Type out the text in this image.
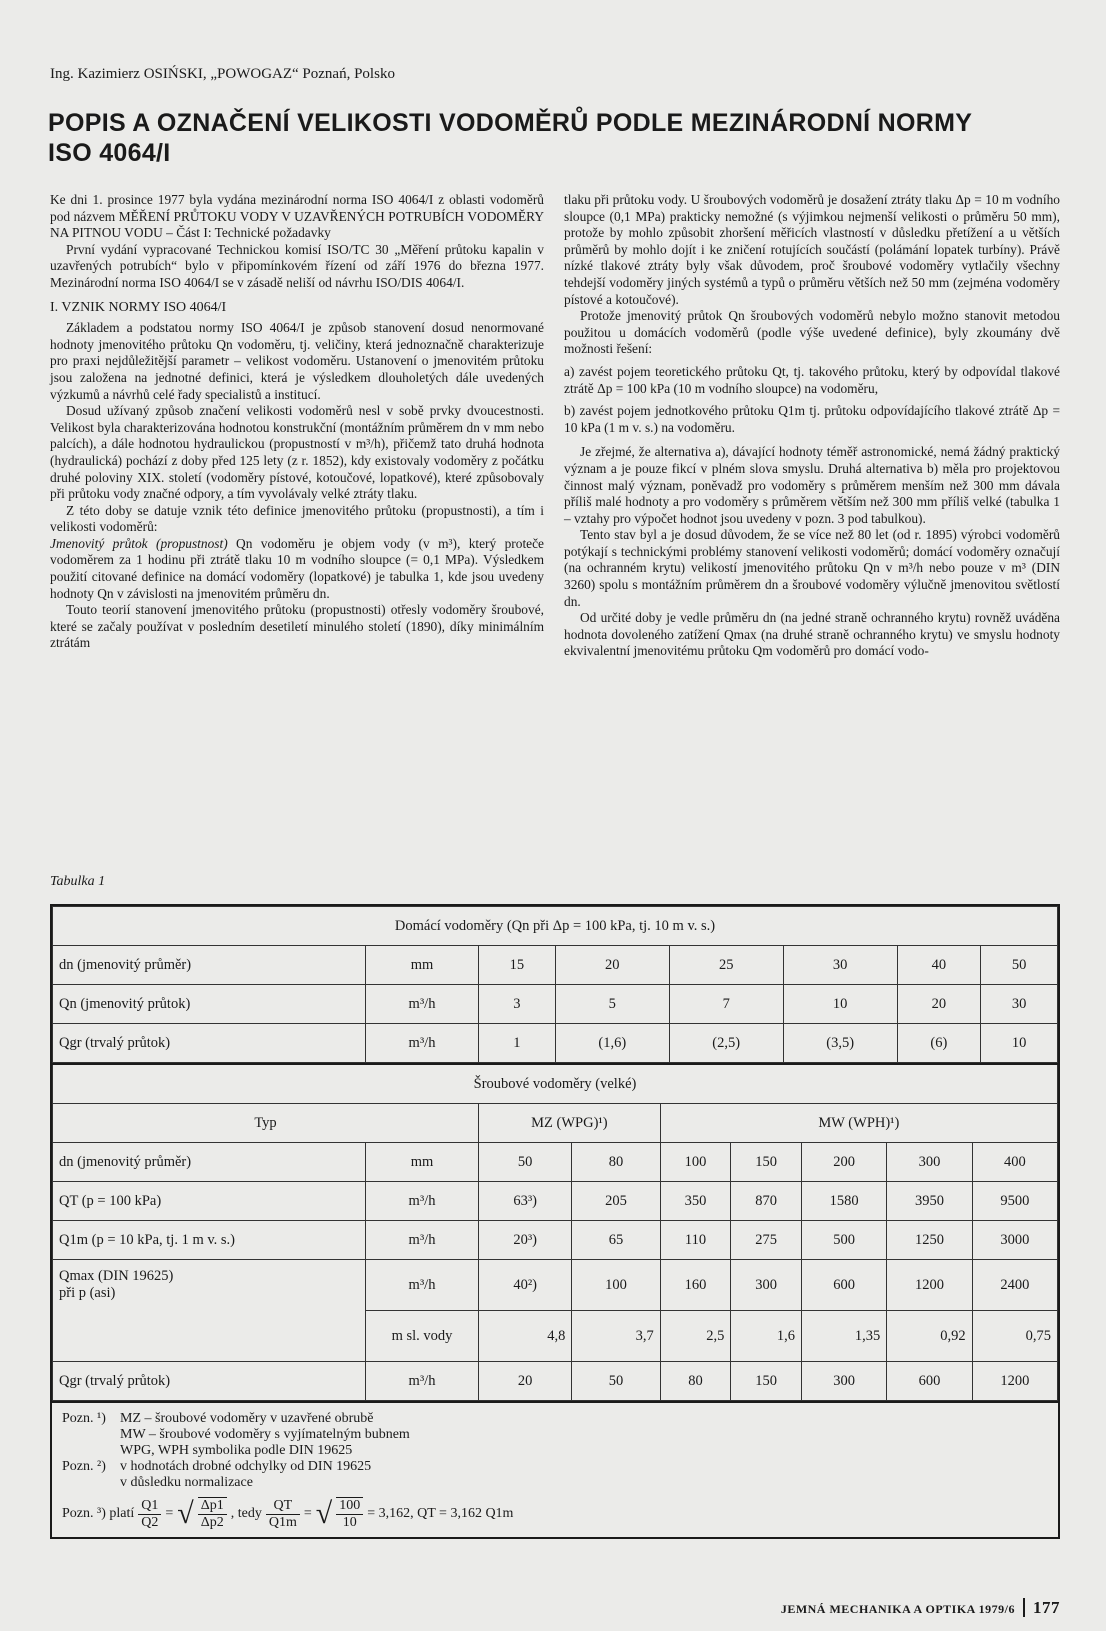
Ing. Kazimierz OSIŃSKI, „POWOGAZ“ Poznań, Polsko
POPIS A OZNAČENÍ VELIKOSTI VODOMĚRŮ PODLE MEZINÁRODNÍ NORMY ISO 4064/I

Ke dni 1. prosince 1977 byla vydána mezinárodní norma ISO 4064/I z oblasti vodoměrů pod názvem MĚŘENÍ PRŮTOKU VODY V UZAVŘENÝCH POTRUBÍCH VODOMĚRY NA PITNOU VODU – Část I: Technické požadavky

První vydání vypracované Technickou komisí ISO/TC 30 „Měření průtoku kapalin v uzavřených potrubích“ bylo v připomínkovém řízení od září 1976 do března 1977. Mezinárodní norma ISO 4064/I se v zásadě neliší od návrhu ISO/DIS 4064/I.

I. VZNIK NORMY ISO 4064/I

Základem a podstatou normy ISO 4064/I je způsob stanovení dosud nenormované hodnoty jmenovitého průtoku Qn vodoměru, tj. veličiny, která jednoznačně charakterizuje pro praxi nejdůležitější parametr – velikost vodoměru. Ustanovení o jmenovitém průtoku jsou založena na jednotné definici, která je výsledkem dlouholetých dále uvedených výzkumů a návrhů celé řady specialistů a institucí.

Dosud užívaný způsob značení velikosti vodoměrů nesl v sobě prvky dvoucestnosti. Velikost byla charakterizována hodnotou konstrukční (montážním průměrem dn v mm nebo palcích), a dále hodnotou hydraulickou (propustností v m³/h), přičemž tato druhá hodnota (hydraulická) pochází z doby před 125 lety (z r. 1852), kdy existovaly vodoměry z počátku druhé poloviny XIX. století (vodoměry pístové, kotoučové, lopatkové), které způsobovaly při průtoku vody značné odpory, a tím vyvolávaly velké ztráty tlaku.

Z této doby se datuje vznik této definice jmenovitého průtoku (propustnosti), a tím i velikosti vodoměrů:

Jmenovitý průtok (propustnost) Qn vodoměru je objem vody (v m³), který proteče vodoměrem za 1 hodinu při ztrátě tlaku 10 m vodního sloupce (= 0,1 MPa). Výsledkem použití citované definice na domácí vodoměry (lopatkové) je tabulka 1, kde jsou uvedeny hodnoty Qn v závislosti na jmenovitém průměru dn.

Touto teorií stanovení jmenovitého průtoku (propustnosti) otřesly vodoměry šroubové, které se začaly používat v posledním desetiletí minulého století (1890), díky minimálním ztrátám

tlaku při průtoku vody. U šroubových vodoměrů je dosažení ztráty tlaku Δp = 10 m vodního sloupce (0,1 MPa) prakticky nemožné (s výjimkou nejmenší velikosti o průměru 50 mm), protože by mohlo způsobit zhoršení měřicích vlastností v důsledku přetížení a u větších průměrů by mohlo dojít i ke zničení rotujících součástí (polámání lopatek turbíny). Právě nízké tlakové ztráty byly však důvodem, proč šroubové vodoměry vytlačily všechny tehdejší vodoměry jiných systémů a typů o průměru větších než 50 mm (zejména vodoměry pístové a kotoučové).

Protože jmenovitý průtok Qn šroubových vodoměrů nebylo možno stanovit metodou použitou u domácích vodoměrů (podle výše uvedené definice), byly zkoumány dvě možnosti řešení:

a) zavést pojem teoretického průtoku Qt, tj. takového průtoku, který by odpovídal tlakové ztrátě Δp = 100 kPa (10 m vodního sloupce) na vodoměru,

b) zavést pojem jednotkového průtoku Q1m tj. průtoku odpovídajícího tlakové ztrátě Δp = 10 kPa (1 m v. s.) na vodoměru.

Je zřejmé, že alternativa a), dávající hodnoty téměř astronomické, nemá žádný praktický význam a je pouze fikcí v plném slova smyslu. Druhá alternativa b) měla pro projektovou činnost malý význam, poněvadž pro vodoměry s průměrem menším než 300 mm dávala příliš malé hodnoty a pro vodoměry s průměrem větším než 300 mm příliš velké (tabulka 1 – vztahy pro výpočet hodnot jsou uvedeny v pozn. 3 pod tabulkou).

Tento stav byl a je dosud důvodem, že se více než 80 let (od r. 1895) výrobci vodoměrů potýkají s technickými problémy stanovení velikosti vodoměrů; domácí vodoměry označují (na ochranném krytu) velikostí jmenovitého průtoku Qn v m³/h nebo pouze v m³ (DIN 3260) spolu s montážním průměrem dn a šroubové vodoměry výlučně jmenovitou světlostí dn.

Od určité doby je vedle průměru dn (na jedné straně ochranného krytu) rovněž uváděna hodnota dovoleného zatížení Qmax (na druhé straně ochranného krytu) ve smyslu hodnoty ekvivalentní jmenovitému průtoku Qm vodoměrů pro domácí vodo-

Tabulka 1
Domácí vodoměry (Qn při Δp = 100 kPa, tj. 10 m v. s.)							
dn (jmenovitý průměr)	mm	15	20	25	30	40	50
Qn (jmenovitý průtok)	m³/h	3	5	7	10	20	30
Qgr (trvalý průtok)	m³/h	1	(1,6)	(2,5)	(3,5)	(6)	10
Šroubové vodoměry (velké)								
Typ		MZ (WPG)¹)		MW (WPH)¹)				
dn (jmenovitý průměr)	mm	50	80	100	150	200	300	400
QT (p = 100 kPa)	m³/h	63³)	205	350	870	1580	3950	9500
Q1m (p = 10 kPa, tj. 1 m v. s.)	m³/h	20³)	65	110	275	500	1250	3000

Qmax (DIN 19625)
při p (asi)	m³/h	40²)	100	160	300	600	1200	2400
	m sl. vody	4,8	3,7	2,5	1,6	1,35	0,92	0,75
Qgr (trvalý průtok)	m³/h	20	50	80	150	300	600	1200
Pozn. ¹)	MZ – šroubové vodoměry v uzavřené obrubě
MW – šroubové vodoměry s vyjímatelným bubnem
WPG, WPH symbolika podle DIN 19625
Pozn. ²)	v hodnotách drobné odchylky od DIN 19625
v důsledku normalizace
Pozn. ³) platí $\frac{Q1}{Q2}$ = √ $\frac{\Delta p1}{\Delta p2}$ , tedy $\frac{QT}{Q1m}$ = √ $\frac{100}{10} = 3,162$, QT = 3,162 Q1m
JEMNÁ MECHANIKA A OPTIKA 1979/6 177
